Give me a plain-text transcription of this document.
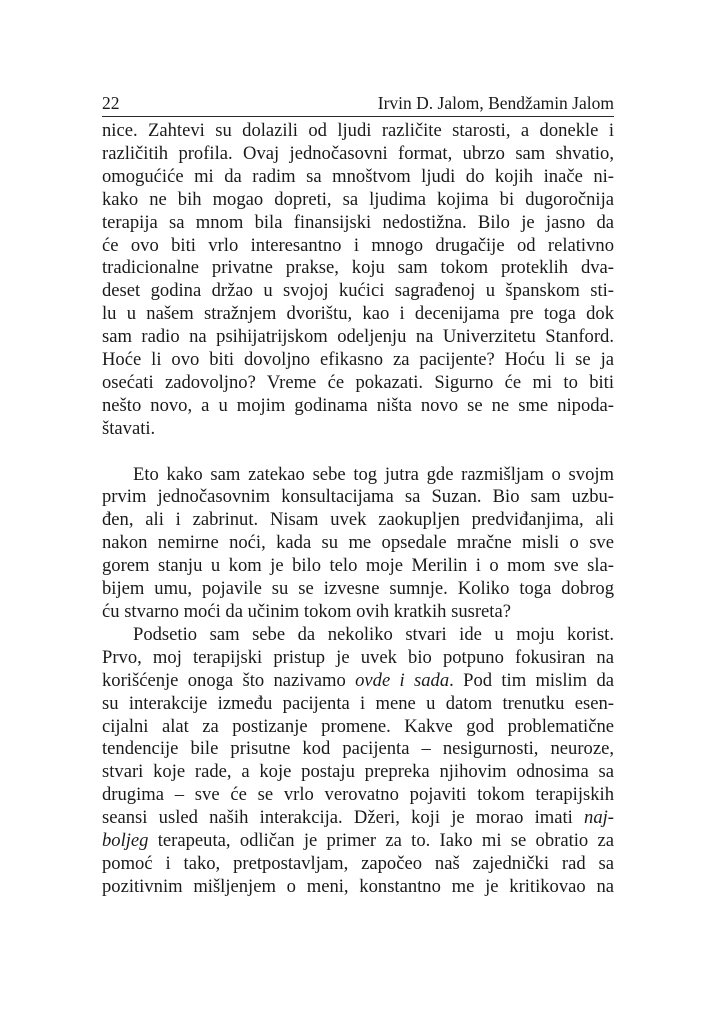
22	Irvin D. Jalom, Bendžamin Jalom
nice. Zahtevi su dolazili od ljudi različite starosti, a donekle i
različitih profila. Ovaj jednočasovni format, ubrzo sam shvatio,
omogućiće mi da radim sa mnoštvom ljudi do kojih inače ni-
kako ne bih mogao dopreti, sa ljudima kojima bi dugoročnija
terapija sa mnom bila finansijski nedostižna. Bilo je jasno da
će ovo biti vrlo interesantno i mnogo drugačije od relativno
tradicionalne privatne prakse, koju sam tokom proteklih dva-
deset godina držao u svojoj kućici sagrađenoj u španskom sti-
lu u našem stražnjem dvorištu, kao i decenijama pre toga dok
sam radio na psihijatrijskom odeljenju na Univerzitetu Stanford.
Hoće li ovo biti dovoljno efikasno za pacijente? Hoću li se ja
osećati zadovoljno? Vreme će pokazati. Sigurno će mi to biti
nešto novo, a u mojim godinama ništa novo se ne sme nipoda-
štavati.
Eto kako sam zatekao sebe tog jutra gde razmišljam o svojm
prvim jednočasovnim konsultacijama sa Suzan. Bio sam uzbu-
đen, ali i zabrinut. Nisam uvek zaokupljen predviđanjima, ali
nakon nemirne noći, kada su me opsedale mračne misli o sve
gorem stanju u kom je bilo telo moje Merilin i o mom sve sla-
bijem umu, pojavile su se izvesne sumnje. Koliko toga dobrog
ću stvarno moći da učinim tokom ovih kratkih susreta?
Podsetio sam sebe da nekoliko stvari ide u moju korist.
Prvo, moj terapijski pristup je uvek bio potpuno fokusiran na
korišćenje onoga što nazivamo ovde i sada. Pod tim mislim da
su interakcije između pacijenta i mene u datom trenutku esen-
cijalni alat za postizanje promene. Kakve god problematične
tendencije bile prisutne kod pacijenta – nesigurnosti, neuroze,
stvari koje rade, a koje postaju prepreka njihovim odnosima sa
drugima – sve će se vrlo verovatno pojaviti tokom terapijskih
seansi usled naših interakcija. Džeri, koji je morao imati naj-
boljeg terapeuta, odličan je primer za to. Iako mi se obratio za
pomoć i tako, pretpostavljam, započeo naš zajednički rad sa
pozitivnim mišljenjem o meni, konstantno me je kritikovao na
